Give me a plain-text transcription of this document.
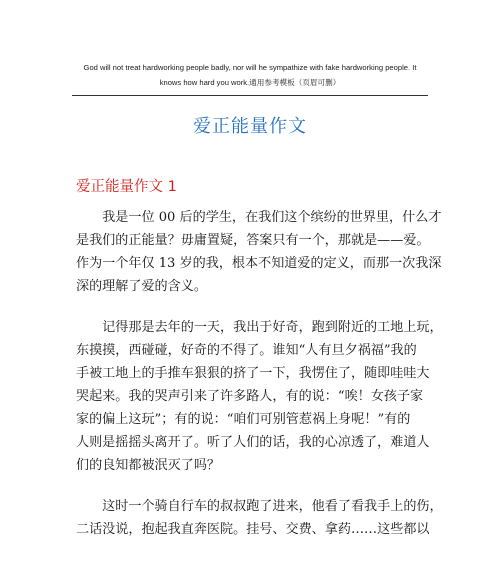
God will not treat hardworking people badly, nor will he sympathize with fake hardworking people. It knows how hard you work.通用参考模板（页眉可删）
爱正能量作文
爱正能量作文 1
　　我是一位 00 后的学生，在我们这个缤纷的世界里，什么才
是我们的正能量？毋庸置疑，答案只有一个，那就是——爱。
作为一个年仅 13 岁的我，根本不知道爱的定义，而那一次我深
深的理解了爱的含义。
　　记得那是去年的一天，我出于好奇，跑到附近的工地上玩，
东摸摸，西碰碰，好奇的不得了。谁知“人有旦夕祸福”我的
手被工地上的手推车狠狠的挤了一下，我愣住了，随即哇哇大
哭起来。我的哭声引来了许多路人，有的说：“唉！女孩子家
家的偏上这玩”；有的说：“咱们可别管惹祸上身呢！”有的
人则是摇摇头离开了。听了人们的话，我的心凉透了，难道人
们的良知都被泯灭了吗？
　　这时一个骑自行车的叔叔跑了进来，他看了看我手上的伤，
二话没说，抱起我直奔医院。挂号、交费、拿药……这些都以
